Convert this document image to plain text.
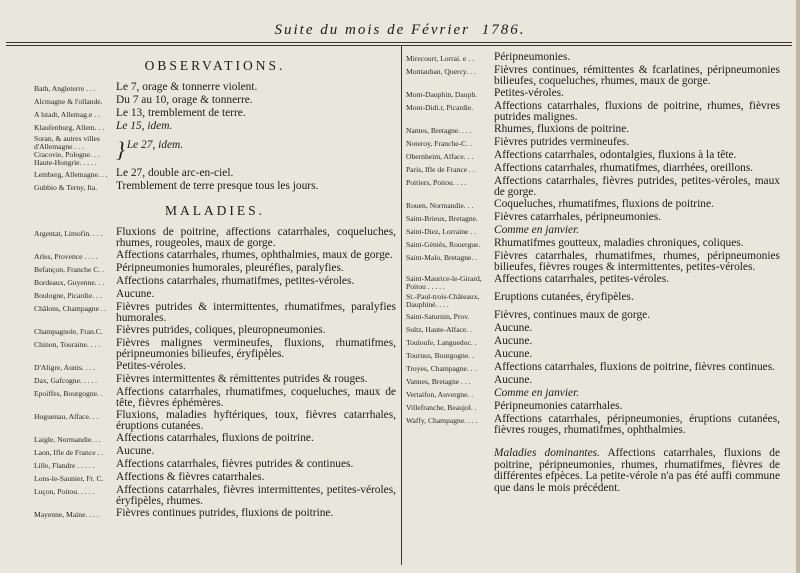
Suite du mois de Février 1786.
OBSERVATIONS.
Bath, Angleterre . . .	Le 7, orage & tonnerre violent.
Alcmagne & l'ollande.	Du 7 au 10, orage & tonnerre.
A lstadt, Allemag.e . .	Le 13, tremblement de terre.
Klaufenburg, Allem. . .	Le 15, idem.
Soran, & autres villes d'Allemagne . . .
Cracovie, Pologne. . .
Haute-Hongrie. . . . .
} Le 27, idem.
Lemberg, Allemagne. . . Le 27, double arc-en-ciel.
Gubbio & Terny, Ita.	Tremblement de terre presque tous les jours.
MALADIES.
Argentat, Limofin. . . .	Fluxions de poitrine, affections catarrhales, coqueluches, rhumes, rougeoles, maux de gorge.
Arles, Provence . . . .	Affections catarrhales, rhumes, ophthalmies, maux de gorge.
Befançon, Franche C. .	Péripneumonies humorales, pleuréfies, paralyfies.
Bordeaux, Guyenne. . .	Affections catarrhales, rhumatifmes, petites-véroles.
Boulogne, Picardie. . .	Aucune.
Châlons, Champagne . . Fièvres putrides & intermittentes, rhumatifmes, paralyfies humorales.
Champagnole, Fran.C.	Fièvres putrides, coliques, pleuropneumonies.
Chinon, Touraine. . . .	Fièvres malignes vermineufes, fluxions, rhumatifmes, péripneumonies bilieufes, éryfipèles.
D'Aligre, Aunis. . . .	Petites-véroles.
Dax, Gafcogne. . . . .	Fièvres intermittentes & rémittentes putrides & rouges.
Epoiffes, Bourgogne. .	Affections catarrhales, rhumatifmes, coqueluches, maux de tête, fièvres éphémères.
Hoguenau, Alface. . .	Fluxions, maladies hyftériques, toux, fièvres catarrhales, éruptions cutanées.
Laigle, Normandie. . .	Affections catarrhales, fluxions de poitrine.
Laon, Ifle de France . .	Aucune.
Lille, Flandre . . . . .	Affections catarrhales, fièvres putrides & continues.
Lons-le-Saunier, Fr. C.	Affections & fièvres catarrhales.
Luçon, Poitou. . . . .	Affections catarrhales, fièvres intermittentes, petites-véroles, éryfipèles, rhumes.
Mayenne, Maine. . . .	Fièvres continues putrides, fluxions de poitrine.
Mirecourt, Lorrai. e . .	Péripneumonies.
Montauban, Quercy. . .	Fièvres continues, rémittentes & fcarlatines, péripneumonies bilieufes, coqueluches, rhumes, maux de gorge.
Mont-Dauphin, Dauph.	Petites-véroles.
Mont-Didi.r, Picardie.	Affections catarrhales, fluxions de poitrine, rhumes, fièvres putrides malignes.
Nantes, Bretagne. . . .	Rhumes, fluxions de poitrine.
Noteroy, Franche-C. .	Fièvres putrides vermineufes.
Obernheim, Alface. . .	Affections catarrhales, odontalgies, fluxions à la tête.
Paris, Ifle de France . .	Affections catarrhales, rhumatifmes, diarrhées, oreillons.
Poitiers, Poitou. . . .	Affections catarrhales, fièvres putrides, petites-véroles, maux de gorge.
Rouen, Normandie. . .	Coqueluches, rhumatifmes, fluxions de poitrine.
Saint-Brieux, Bretagne.	Fièvres catarrhales, péripneumonies.
Saint-Diez, Lorraine . .	Comme en janvier.
Saint-Géniès, Rouergue.	Rhumatifmes goutteux, maladies chroniques, coliques.
Saint-Malo, Bretagne. .	Fièvres catarrhales, rhumatifmes, rhumes, péripneumonies bilieufes, fièvres rouges & intermittentes, petites-véroles.
Saint-Maurice-le-Girard, Poitou . . . . .
Affections catarrhales, petites-véroles.
St.-Paul-trois-Châteaux, Dauphiné. . . .
Eruptions cutanées, éryfipèles.
Saint-Saturnin, Prov.	Fièvres, continues maux de gorge.
Sultz, Haute-Alface. .	Aucune.
Touloufe, Languedoc. .	Aucune.
Tournus, Bourgogne. .	Aucune.
Troyes, Champagne. . .	Affections catarrhales, fluxions de poitrine, fièvres continues.
Vannes, Bretagne . . .	Aucune.
Vertaifon, Auvergne. .	Comme en janvier.
Villefranche, Beaujol. .	Péripneumonies catarrhales.
Waffy, Champagne. . . .	Affections catarrhales, péripneumonies, éruptions cutanées, fièvres rouges, rhumatifmes, ophthalmies.

Maladies dominantes. Affections catarrhales, fluxions de poitrine, péripneumonies, rhumes, rhumatifmes, fièvres de différentes efpèces. La petite-vérole n'a pas été auffi commune que dans le mois précédent.
